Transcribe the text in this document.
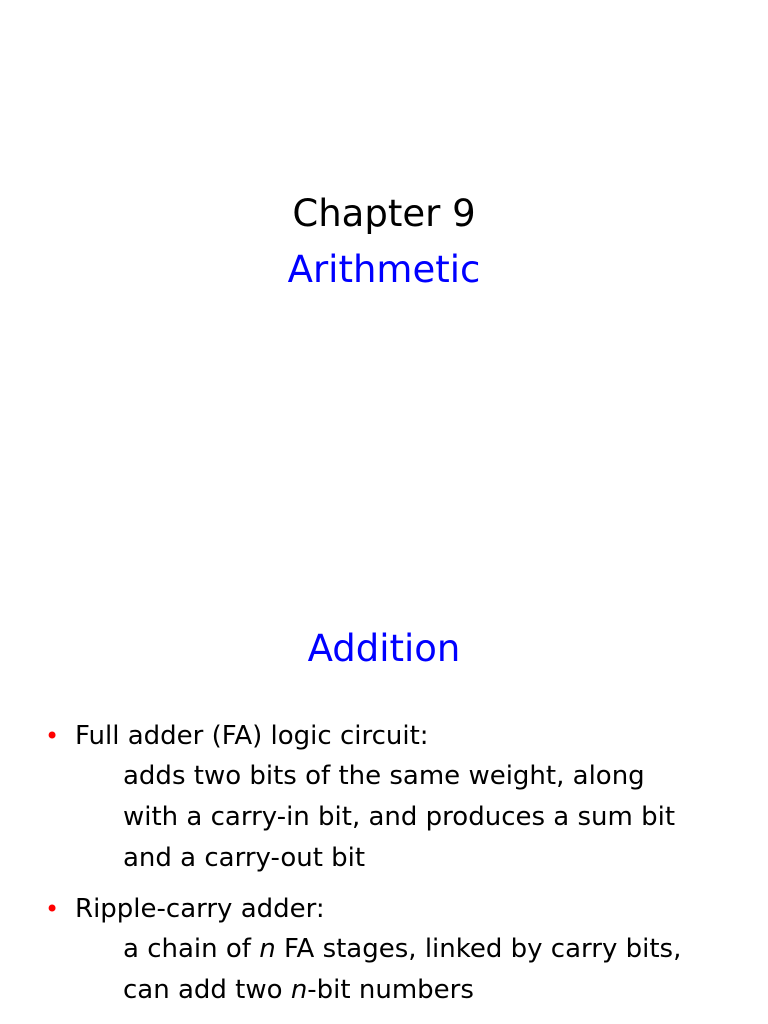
Chapter 9
Arithmetic
Addition
• Full adder (FA) logic circuit:
adds two bits of the same weight, along
with a carry-in bit, and produces a sum bit
and a carry-out bit
• Ripple-carry adder:
a chain of n FA stages, linked by carry bits,
can add two n-bit numbers
